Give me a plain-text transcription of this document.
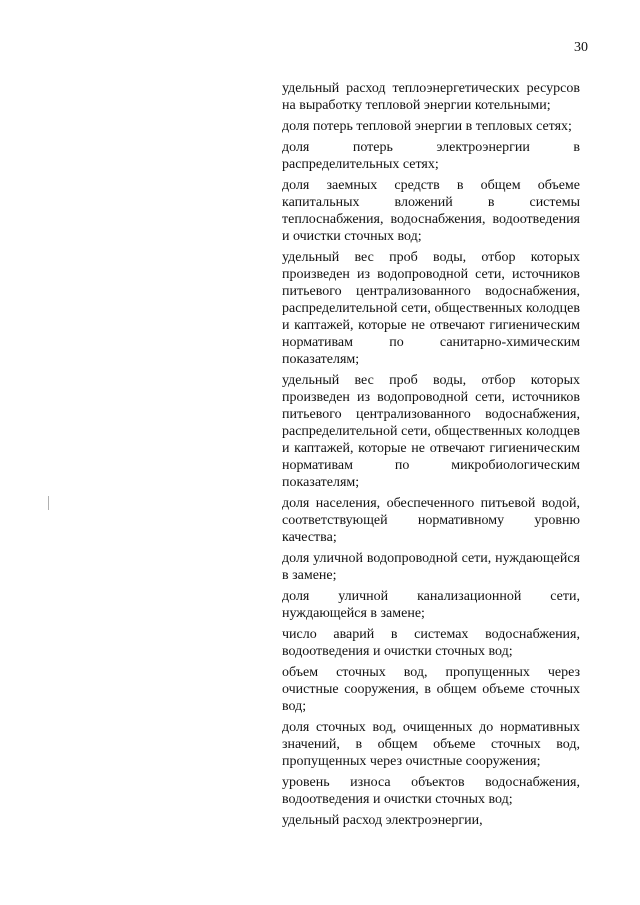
30

удельный расход теплоэнергетических ресурсов на выработку тепловой энергии котельными;

доля потерь тепловой энергии в тепловых сетях;

доля потерь электроэнергии в распределительных сетях;

доля заемных средств в общем объеме капитальных вложений в системы теплоснабжения, водоснабжения, водоотведения и очистки сточных вод;

удельный вес проб воды, отбор которых произведен из водопроводной сети, источников питьевого централизованного водоснабжения, распределительной сети, общественных колодцев и каптажей, которые не отвечают гигиеническим нормативам по санитарно-химическим показателям;

удельный вес проб воды, отбор которых произведен из водопроводной сети, источников питьевого централизованного водоснабжения, распределительной сети, общественных колодцев и каптажей, которые не отвечают гигиеническим нормативам по микробиологическим показателям;

доля населения, обеспеченного питьевой водой, соответствующей нормативному уровню качества;

доля уличной водопроводной сети, нуждающейся в замене;

доля уличной канализационной сети, нуждающейся в замене;

число аварий в системах водоснабжения, водоотведения и очистки сточных вод;

объем сточных вод, пропущенных через очистные сооружения, в общем объеме сточных вод;

доля сточных вод, очищенных до нормативных значений, в общем объеме сточных вод, пропущенных через очистные сооружения;

уровень износа объектов водоснабжения, водоотведения и очистки сточных вод;

удельный расход электроэнергии,
